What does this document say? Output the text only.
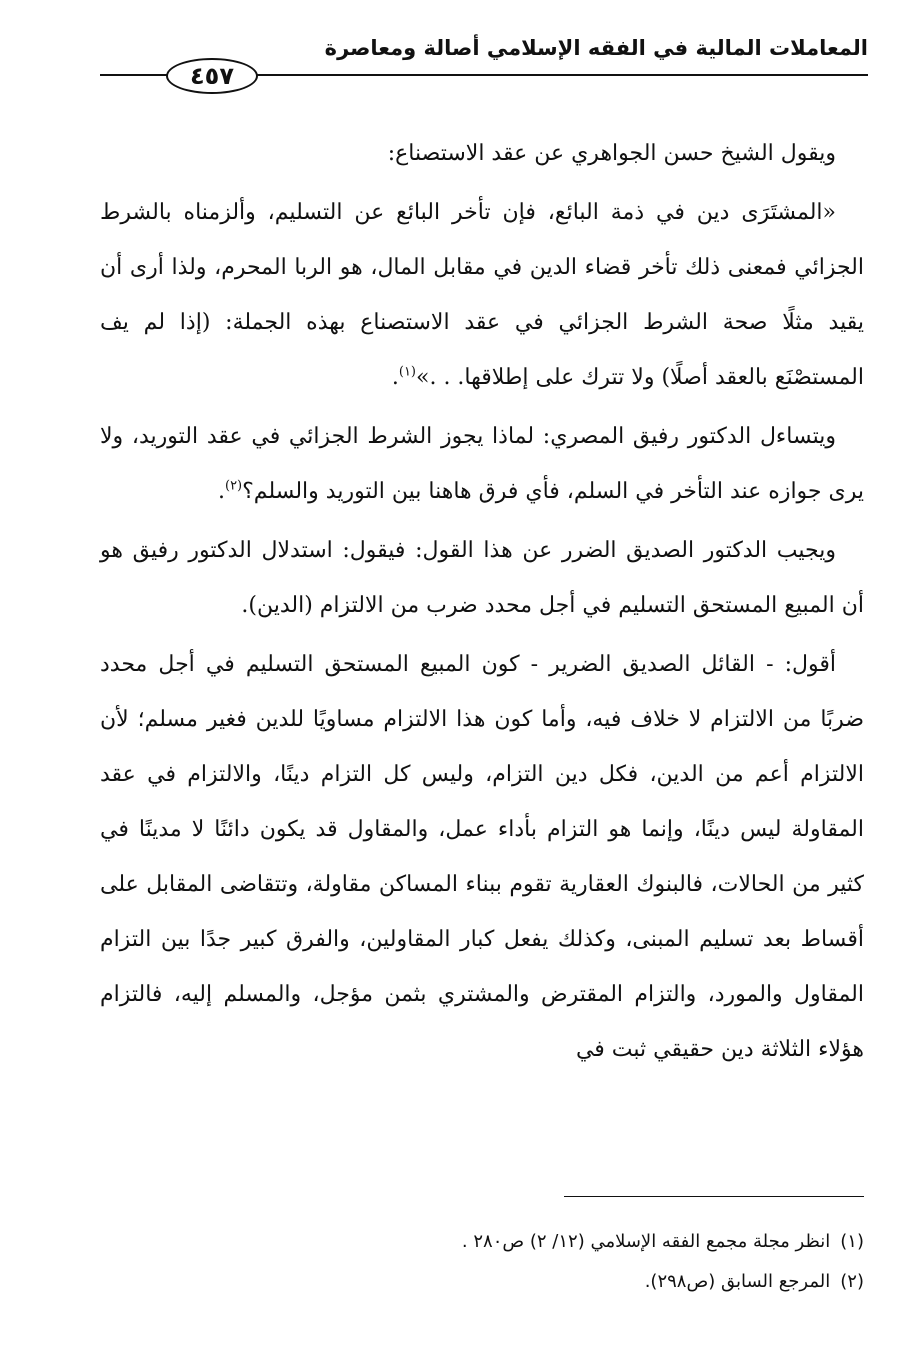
المعاملات المالية في الفقه الإسلامي أصالة ومعاصرة
٤٥٧

ويقول الشيخ حسن الجواهري عن عقد الاستصناع:

«المشتَرَى دين في ذمة البائع، فإن تأخر البائع عن التسليم، وألزمناه بالشرط الجزائي فمعنى ذلك تأخر قضاء الدين في مقابل المال، هو الربا المحرم، ولذا أرى أن يقيد مثلًا صحة الشرط الجزائي في عقد الاستصناع بهذه الجملة: (إذا لم يف المستصْنَع بالعقد أصلًا) ولا تترك على إطلاقها. . .»$^{(١)}$.

ويتساءل الدكتور رفيق المصري: لماذا يجوز الشرط الجزائي في عقد التوريد، ولا يرى جوازه عند التأخر في السلم، فأي فرق هاهنا بين التوريد والسلم؟$^{(٢)}$.

ويجيب الدكتور الصديق الضرر عن هذا القول: فيقول: استدلال الدكتور رفيق هو أن المبيع المستحق التسليم في أجل محدد ضرب من الالتزام (الدين).

أقول: - القائل الصديق الضرير - كون المبيع المستحق التسليم في أجل محدد ضربًا من الالتزام لا خلاف فيه، وأما كون هذا الالتزام مساويًا للدين فغير مسلم؛ لأن الالتزام أعم من الدين، فكل دين التزام، وليس كل التزام دينًا، والالتزام في عقد المقاولة ليس دينًا، وإنما هو التزام بأداء عمل، والمقاول قد يكون دائنًا لا مدينًا في كثير من الحالات، فالبنوك العقارية تقوم ببناء المساكن مقاولة، وتتقاضى المقابل على أقساط بعد تسليم المبنى، وكذلك يفعل كبار المقاولين، والفرق كبير جدًا بين التزام المقاول والمورد، والتزام المقترض والمشتري بثمن مؤجل، والمسلم إليه، فالتزام هؤلاء الثلاثة دين حقيقي ثبت في

(١)
انظر مجلة مجمع الفقه الإسلامي (١٢/ ٢) ص٢٨٠ .
(٢)
المرجع السابق (ص٢٩٨).
